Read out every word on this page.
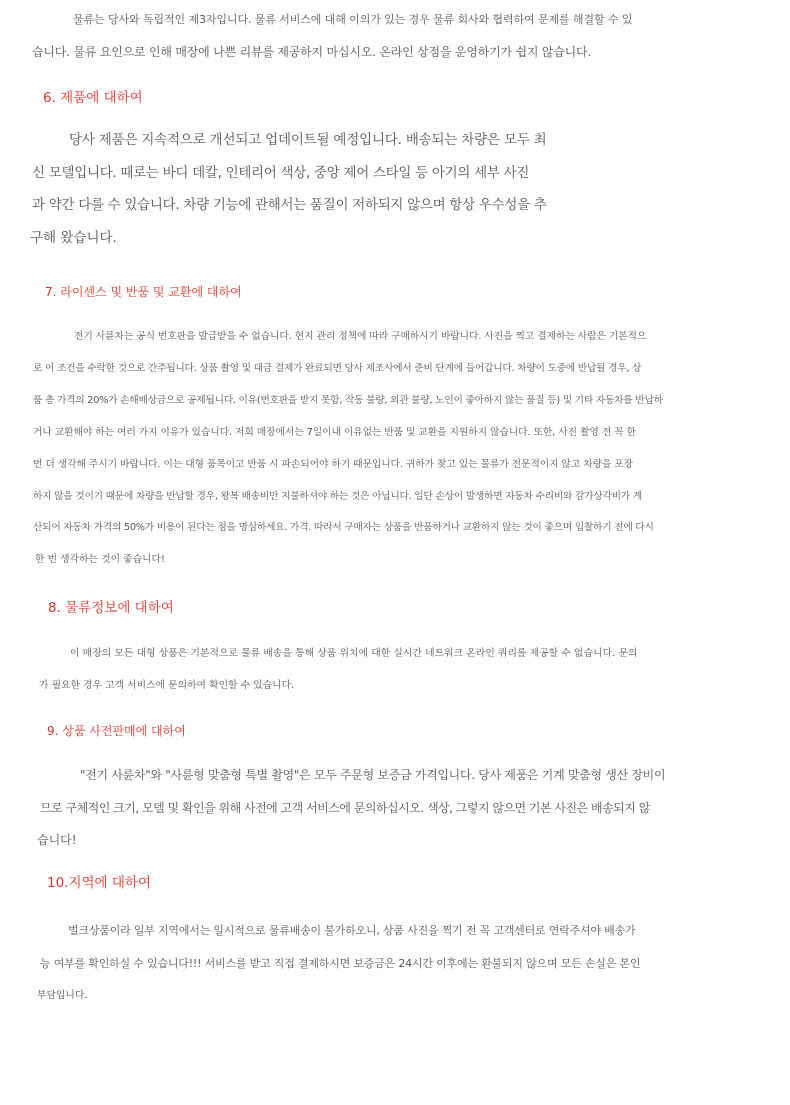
물류는 당사와 독립적인 제3자입니다. 물류 서비스에 대해 이의가 있는 경우 물류 회사와 협력하여 문제를 해결할 수 있
습니다. 물류 요인으로 인해 매장에 나쁜 리뷰를 제공하지 마십시오. 온라인 상점을 운영하기가 쉽지 않습니다.
6. 제품에 대하여
당사 제품은 지속적으로 개선되고 업데이트될 예정입니다. 배송되는 차량은 모두 최
신 모델입니다. 때로는 바디 데칼, 인테리어 색상, 중앙 제어 스타일 등 아기의 세부 사진
과 약간 다를 수 있습니다. 차량 기능에 관해서는 품질이 저하되지 않으며 항상 우수성을 추
구해 왔습니다.
7. 라이센스 및 반품 및 교환에 대하여
전기 사륜차는 공식 번호판을 발급받을 수 없습니다. 현지 관리 정책에 따라 구매하시기 바랍니다. 사진을 찍고 결제하는 사람은 기본적으
로 이 조건을 수락한 것으로 간주됩니다. 상품 촬영 및 대금 결제가 완료되면 당사 제조사에서 준비 단계에 들어갑니다. 차량이 도중에 반납될 경우, 상
품 총 가격의 20%가 손해배상금으로 공제됩니다. 이유(번호판을 받지 못함, 작동 불량, 외관 불량, 노인이 좋아하지 않는 품질 등) 및 기타 자동차를 반납하
거나 교환해야 하는 여러 가지 이유가 있습니다. 저희 매장에서는 7일이내 이유없는 반품 및 교환을 지원하지 않습니다. 또한, 사진 촬영 전 꼭 한
번 더 생각해 주시기 바랍니다. 이는 대형 품목이고 반품 시 파손되어야 하기 때문입니다. 귀하가 찾고 있는 물류가 전문적이지 않고 차량을 포장
하지 않을 것이기 때문에 차량을 반납할 경우, 왕복 배송비만 지불하셔야 하는 것은 아닙니다. 일단 손상이 발생하면 자동차 수리비와 감가상각비가 계
산되어 자동차 가격의 50%가 비용이 된다는 점을 명심하세요. 가격. 따라서 구매자는 상품을 반품하거나 교환하지 않는 것이 좋으며 입찰하기 전에 다시
한 번 생각하는 것이 좋습니다!
8. 물류정보에 대하여
이 매장의 모든 대형 상품은 기본적으로 물류 배송을 통해 상품 위치에 대한 실시간 네트워크 온라인 쿼리를 제공할 수 없습니다. 문의
가 필요한 경우 고객 서비스에 문의하여 확인할 수 있습니다.
9. 상품 사전판매에 대하여
"전기 사륜차"와 "사륜형 맞춤형 특별 촬영"은 모두 주문형 보증금 가격입니다. 당사 제품은 기계 맞춤형 생산 장비이
므로 구체적인 크기, 모델 및 확인을 위해 사전에 고객 서비스에 문의하십시오. 색상, 그렇지 않으면 기본 사진은 배송되지 않
습니다!
10.지역에 대하여
벌크상품이라 일부 지역에서는 일시적으로 물류배송이 불가하오니, 상품 사진을 찍기 전 꼭 고객센터로 연락주셔야 배송가
능 여부를 확인하실 수 있습니다!!! 서비스를 받고 직접 결제하시면 보증금은 24시간 이후에는 환불되지 않으며 모든 손실은 본인
부담입니다.
